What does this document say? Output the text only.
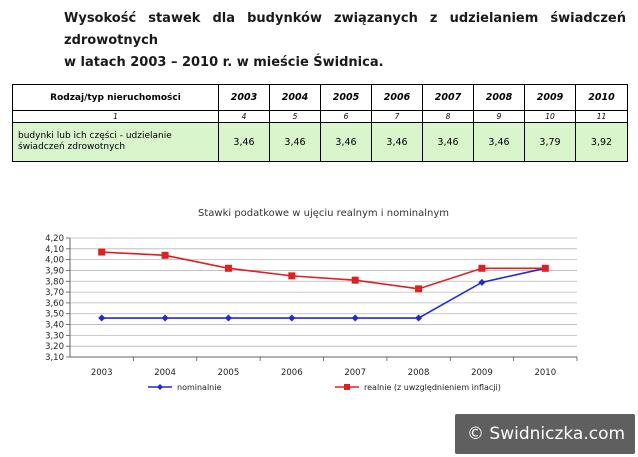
Wysokość stawek dla budynków związanych z udzielaniem świadczeń zdrowotnych
w latach 2003 – 2010 r. w mieście Świdnica.
Rodzaj/typ nieruchomości	2003	2004	2005	2006	2007	2008	2009	2010
1	4	5	6	7	8	9	10	11
budynki lub ich części - udzielanie
świadczeń zdrowotnych	3,46	3,46	3,46	3,46	3,46	3,46	3,79	3,92
Stawki podatkowe w ujęciu realnym i nominalnym
3,10
3,20
3,30
3,40
3,50
3,60
3,70
3,80
3,90
4,00
4,10
4,20
2003	2004	2005	2006	2007	2008	2009	2010
nominalnie	realnie (z uwzględnieniem inflacji)
© Swidniczka.com
